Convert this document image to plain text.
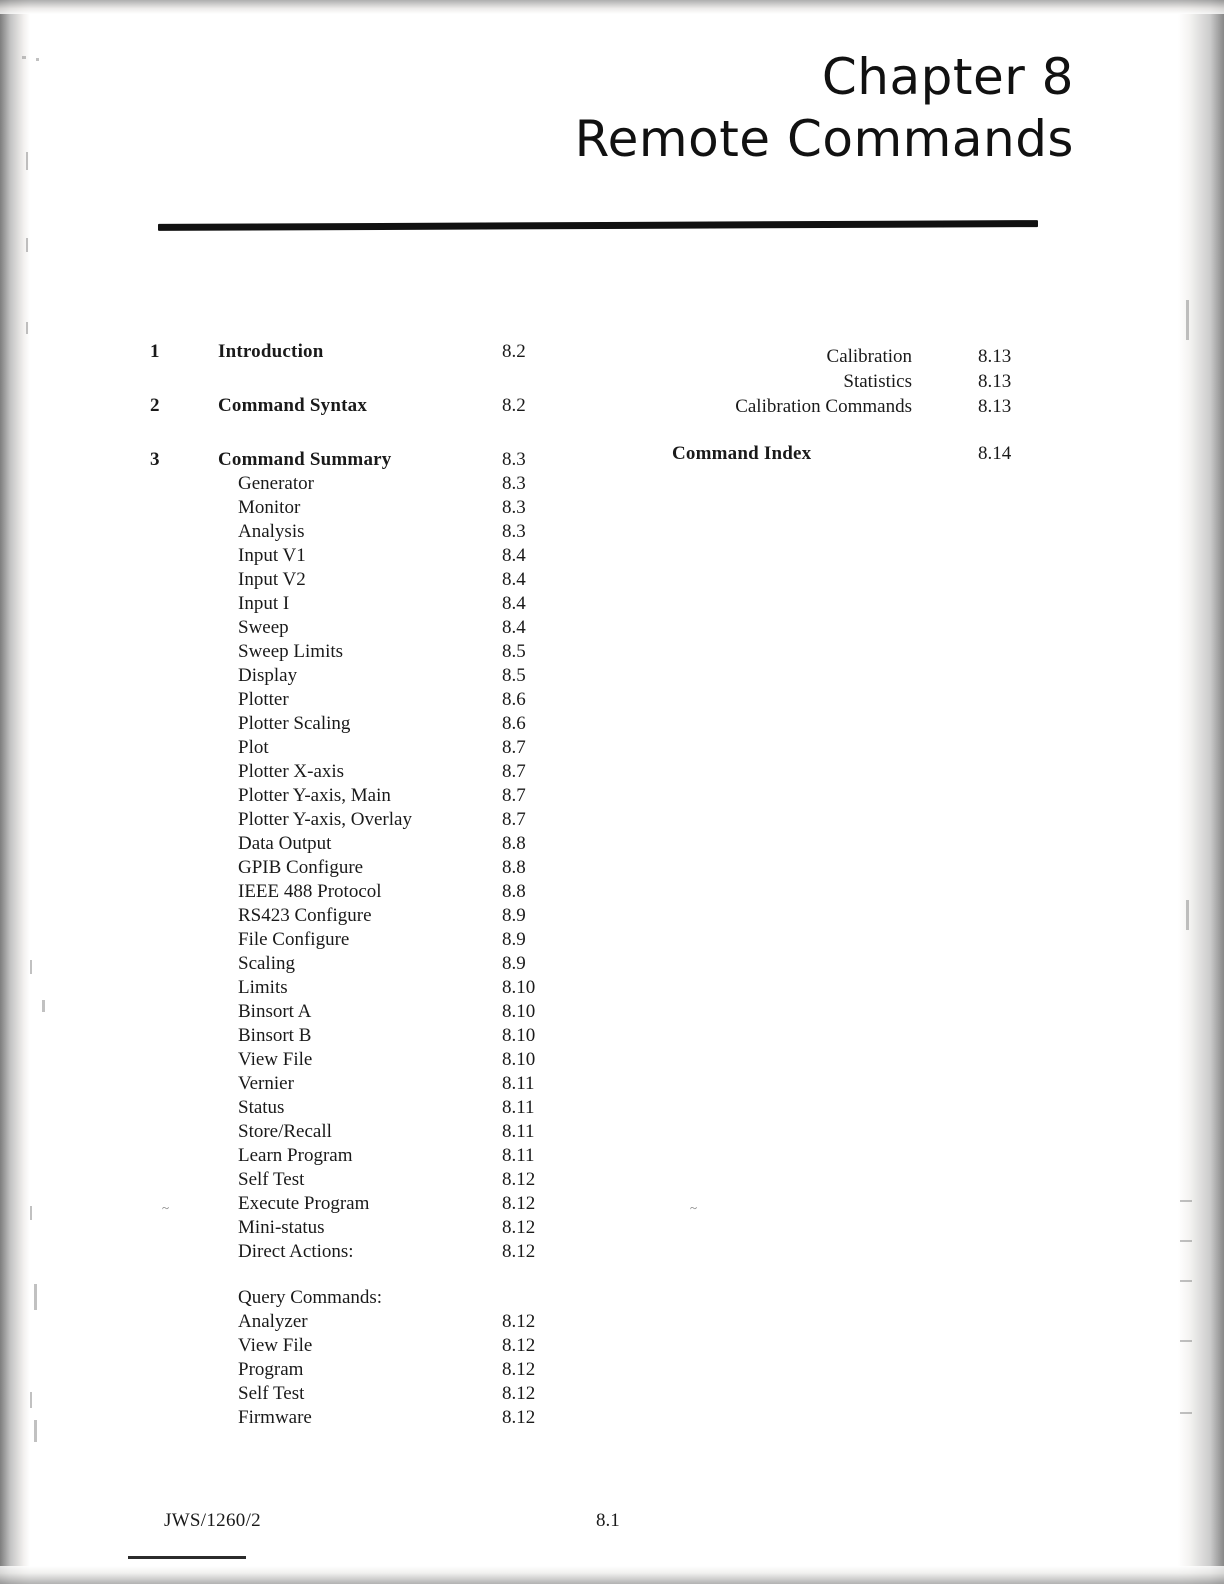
~	~
Chapter 8
Remote Commands
1	Introduction	8.2
2	Command Syntax	8.2
3	Command Summary	8.3
Generator	8.3
Monitor	8.3
Analysis	8.3
Input V1	8.4
Input V2	8.4
Input I	8.4
Sweep	8.4
Sweep Limits	8.5
Display	8.5
Plotter	8.6
Plotter Scaling	8.6
Plot	8.7
Plotter X-axis	8.7
Plotter Y-axis, Main	8.7
Plotter Y-axis, Overlay	8.7
Data Output	8.8
GPIB Configure	8.8
IEEE 488 Protocol	8.8
RS423 Configure	8.9
File Configure	8.9
Scaling	8.9
Limits	8.10
Binsort A	8.10
Binsort B	8.10
View File	8.10
Vernier	8.11
Status	8.11
Store/Recall	8.11
Learn Program	8.11
Self Test	8.12
Execute Program	8.12
Mini-status	8.12
Direct Actions:	8.12
Query Commands:
Analyzer	8.12
View File	8.12
Program	8.12
Self Test	8.12
Firmware	8.12
Calibration	8.13
Statistics	8.13
Calibration Commands	8.13
Command Index	8.14
JWS/1260/2	8.1
